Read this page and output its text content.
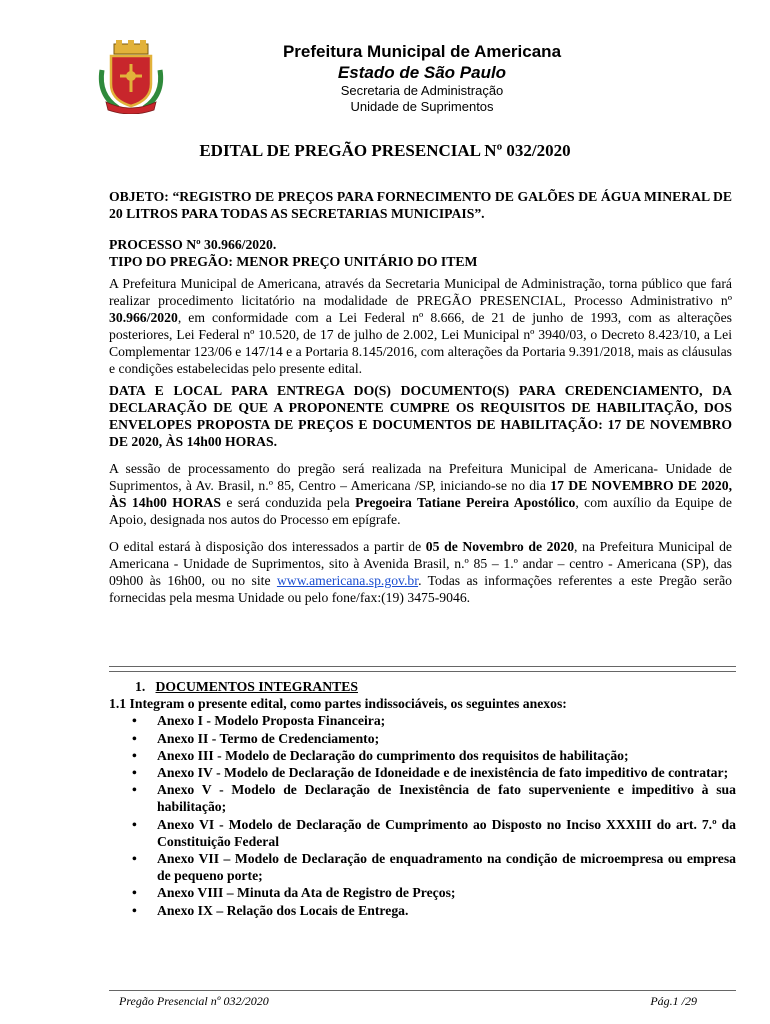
Prefeitura Municipal de Americana
Estado de São Paulo
Secretaria de Administração
Unidade de Suprimentos
EDITAL DE PREGÃO PRESENCIAL Nº 032/2020

OBJETO: “REGISTRO DE PREÇOS PARA FORNECIMENTO DE GALÕES DE ÁGUA MINERAL DE 20 LITROS PARA TODAS AS SECRETARIAS MUNICIPAIS”.

PROCESSO Nº 30.966/2020.

TIPO DO PREGÃO: MENOR PREÇO UNITÁRIO DO ITEM

A Prefeitura Municipal de Americana, através da Secretaria Municipal de Administração, torna público que fará realizar procedimento licitatório na modalidade de PREGÃO PRESENCIAL, Processo Administrativo nº 30.966/2020, em conformidade com a Lei Federal nº 8.666, de 21 de junho de 1993, com as alterações posteriores, Lei Federal nº 10.520, de 17 de julho de 2.002, Lei Municipal nº 3940/03, o Decreto 8.423/10, a Lei Complementar 123/06 e 147/14 e a Portaria 8.145/2016, com alterações da Portaria 9.391/2018, mais as cláusulas e condições estabelecidas pelo presente edital.

DATA E LOCAL PARA ENTREGA DO(S) DOCUMENTO(S) PARA CREDENCIAMENTO, DA DECLARAÇÃO DE QUE A PROPONENTE CUMPRE OS REQUISITOS DE HABILITAÇÃO, DOS ENVELOPES PROPOSTA DE PREÇOS E DOCUMENTOS DE HABILITAÇÃO: 17 DE NOVEMBRO DE 2020, ÀS 14h00 HORAS.

A sessão de processamento do pregão será realizada na Prefeitura Municipal de Americana- Unidade de Suprimentos, à Av. Brasil, n.º 85, Centro – Americana /SP, iniciando-se no dia 17 DE NOVEMBRO DE 2020, ÀS 14h00 HORAS e será conduzida pela Pregoeira Tatiane Pereira Apostólico, com auxílio da Equipe de Apoio, designada nos autos do Processo em epígrafe.

O edital estará à disposição dos interessados a partir de 05 de Novembro de 2020, na Prefeitura Municipal de Americana - Unidade de Suprimentos, sito à Avenida Brasil, n.º 85 – 1.º andar – centro - Americana (SP), das 09h00 às 16h00, ou no site www.americana.sp.gov.br. Todas as informações referentes a este Pregão serão fornecidas pela mesma Unidade ou pelo fone/fax:(19) 3475-9046.

1. DOCUMENTOS INTEGRANTES
1.1 Integram o presente edital, como partes indissociáveis, os seguintes anexos:
• Anexo I - Modelo Proposta Financeira;
• Anexo II - Termo de Credenciamento;
• Anexo III - Modelo de Declaração do cumprimento dos requisitos de habilitação;
• Anexo IV - Modelo de Declaração de Idoneidade e de inexistência de fato impeditivo de contratar;
• Anexo V - Modelo de Declaração de Inexistência de fato superveniente e impeditivo à sua habilitação;
• Anexo VI - Modelo de Declaração de Cumprimento ao Disposto no Inciso XXXIII do art. 7.º da Constituição Federal
• Anexo VII – Modelo de Declaração de enquadramento na condição de microempresa ou empresa de pequeno porte;
• Anexo VIII – Minuta da Ata de Registro de Preços;
• Anexo IX – Relação dos Locais de Entrega.
Pregão Presencial nº 032/2020	Pág.1 /29
